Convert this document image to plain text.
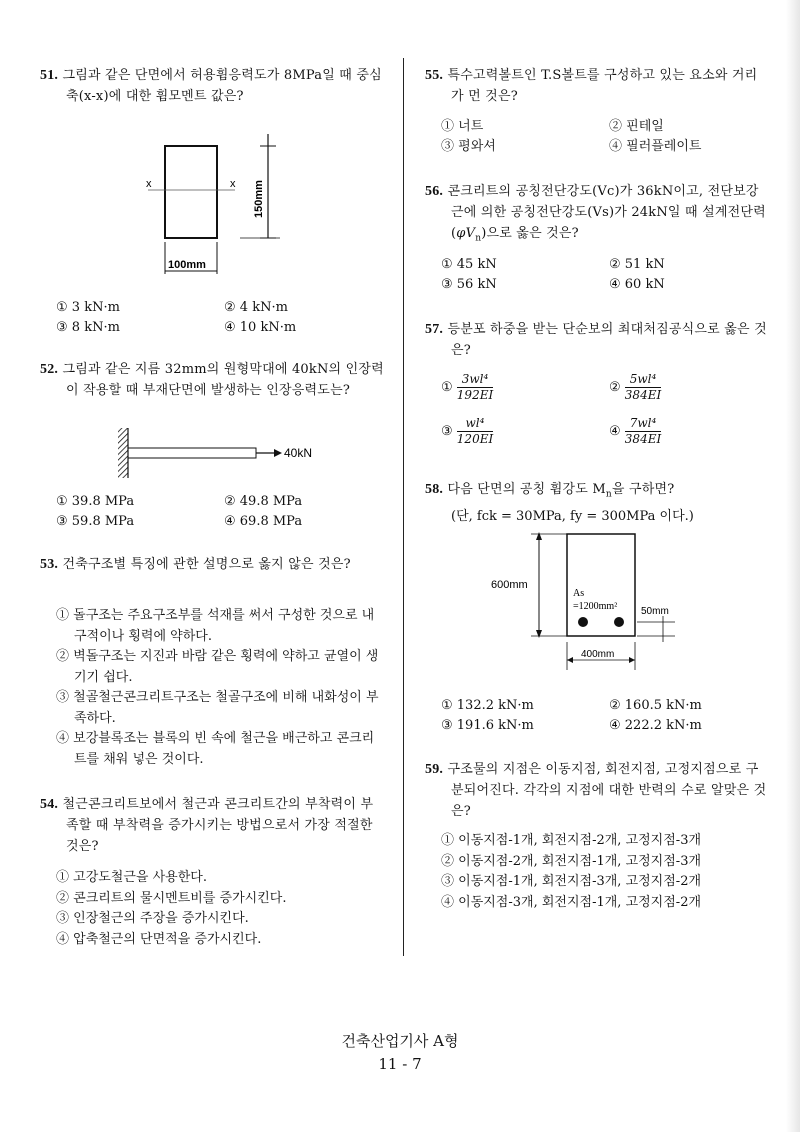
51. 그림과 같은 단면에서 허용휨응력도가 8MPa일 때 중심축(x-x)에 대한 휨모멘트 값은?
x	x 150mm
100mm
① 3 kN·m	② 4 kN·m
③ 8 kN·m	④ 10 kN·m
52. 그림과 같은 지름 32mm의 원형막대에 40kN의 인장력이 작용할 때 부재단면에 발생하는 인장응력도는?
40kN
① 39.8 MPa	② 49.8 MPa
③ 59.8 MPa	④ 69.8 MPa
53. 건축구조별 특징에 관한 설명으로 옳지 않은 것은?
① 돌구조는 주요구조부를 석재를 써서 구성한 것으로 내구적이나 횡력에 약하다.
② 벽돌구조는 지진과 바람 같은 횡력에 약하고 균열이 생기기 쉽다.
③ 철골철근콘크리트구조는 철골구조에 비해 내화성이 부족하다.
④ 보강블록조는 블록의 빈 속에 철근을 배근하고 콘크리트를 채워 넣은 것이다.
54. 철근콘크리트보에서 철근과 콘크리트간의 부착력이 부족할 때 부착력을 증가시키는 방법으로서 가장 적절한 것은?
① 고강도철근을 사용한다.
② 콘크리트의 물시멘트비를 증가시킨다.
③ 인장철근의 주장을 증가시킨다.
④ 압축철근의 단면적을 증가시킨다.
55. 특수고력볼트인 T.S볼트를 구성하고 있는 요소와 거리가 먼 것은?
① 너트	② 핀테일
③ 평와셔	④ 필러플레이트
56. 콘크리트의 공칭전단강도(Vc)가 36kN이고, 전단보강근에 의한 공칭전단강도(Vs)가 24kN일 때 설계전단력$(\varphi V_n)$으로 옳은 것은?
① 45 kN	② 51 kN
③ 56 kN	④ 60 kN
57. 등분포 하중을 받는 단순보의 최대처짐공식으로 옳은 것은?
① $\frac{\text{3wl⁴}}{192EI}$	② $\frac{\text{5wl⁴}}{384EI}$
③ $\frac{\text{wl⁴}}{120EI}$	④ $\frac{\text{7wl⁴}}{384EI}$
58. 다음 단면의 공칭 휨강도 $M_n$을 구하면?
(단, fck = 30MPa, fy = 300MPa 이다.)
600mm
As
=1200mm² 50mm
400mm
① 132.2 kN·m	② 160.5 kN·m
③ 191.6 kN·m	④ 222.2 kN·m
59. 구조물의 지점은 이동지점, 회전지점, 고정지점으로 구분되어진다. 각각의 지점에 대한 반력의 수로 알맞은 것은?
① 이동지점-1개, 회전지점-2개, 고정지점-3개
② 이동지점-2개, 회전지점-1개, 고정지점-3개
③ 이동지점-1개, 회전지점-3개, 고정지점-2개
④ 이동지점-3개, 회전지점-1개, 고정지점-2개
건축산업기사 A형
11 - 7
